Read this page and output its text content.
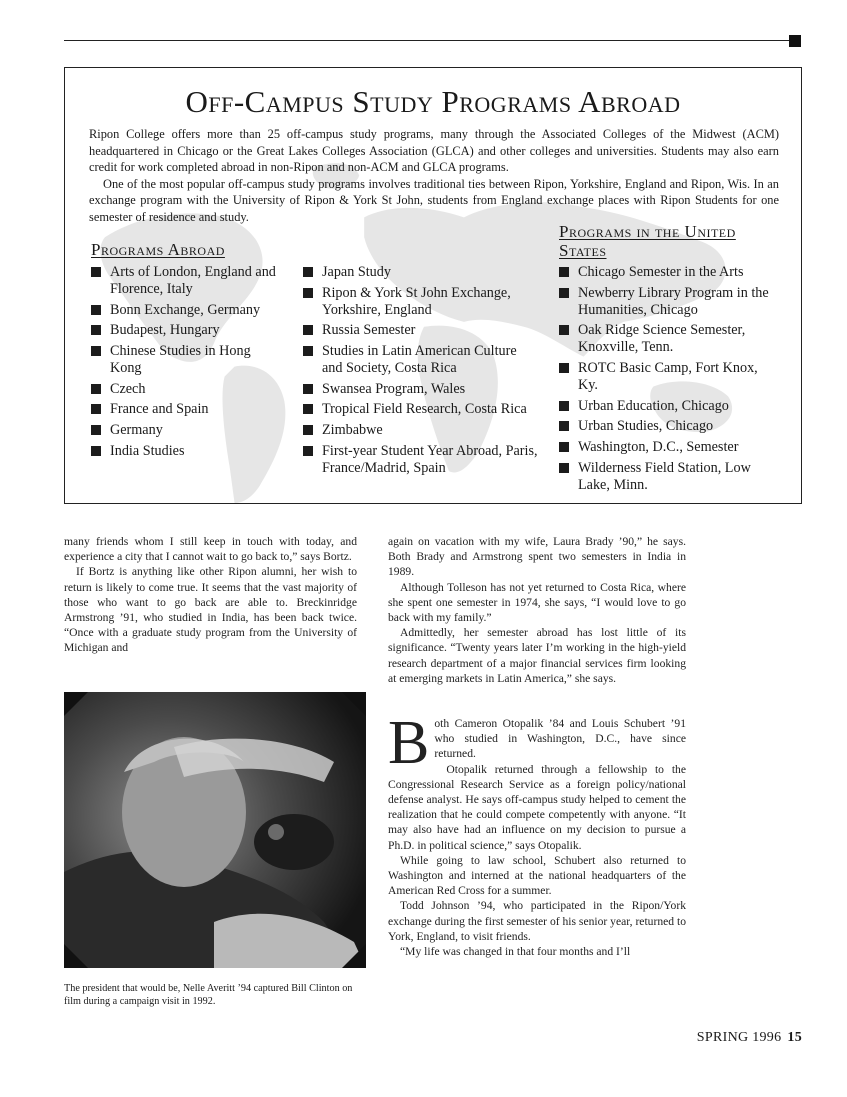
Off-Campus Study Programs Abroad

Ripon College offers more than 25 off-campus study programs, many through the Associated Colleges of the Midwest (ACM) headquartered in Chicago or the Great Lakes Colleges Association (GLCA) and other colleges and universities. Students may also earn credit for work completed abroad in non-Ripon and non-ACM and GLCA programs.

One of the most popular off-campus study programs involves traditional ties between Ripon, Yorkshire, England and Ripon, Wis. In an exchange program with the University of Ripon & York St John, students from England exchange places with Ripon Students for one semester of residence and study.

Programs Abroad
Programs in the United States
Arts of London, England and Florence, Italy
Bonn Exchange, Germany
Budapest, Hungary
Chinese Studies in Hong Kong
Czech
France and Spain
Germany
India Studies
Japan Study
Ripon & York St John Exchange, Yorkshire, England
Russia Semester
Studies in Latin American Culture and Society, Costa Rica
Swansea Program, Wales
Tropical Field Research, Costa Rica
Zimbabwe
First-year Student Year Abroad, Paris, France/Madrid, Spain
Chicago Semester in the Arts
Newberry Library Program in the Humanities, Chicago
Oak Ridge Science Semester, Knoxville, Tenn.
ROTC Basic Camp, Fort Knox, Ky.
Urban Education, Chicago
Urban Studies, Chicago
Washington, D.C., Semester
Wilderness Field Station, Low Lake, Minn.

many friends whom I still keep in touch with today, and experience a city that I cannot wait to go back to,” says Bortz.

If Bortz is anything like other Ripon alumni, her wish to return is likely to come true. It seems that the vast majority of those who want to go back are able to. Breckinridge Armstrong ’91, who studied in India, has been back twice. “Once with a graduate study program from the University of Michigan and

The president that would be, Nelle Averitt ’94 captured Bill Clinton on film during a campaign visit in 1992.

again on vacation with my wife, Laura Brady ’90,” he says. Both Brady and Armstrong spent two semesters in India in 1989.

Although Tolleson has not yet returned to Costa Rica, where she spent one semester in 1974, she says, “I would love to go back with my family.”

Admittedly, her semester abroad has lost little of its significance. “Twenty years later I’m working in the high-yield research department of a major financial services firm looking at emerging markets in Latin America,” she says.

Both Cameron Otopalik ’84 and Louis Schubert ’91 who studied in Washington, D.C., have since returned.

Otopalik returned through a fellowship to the Congressional Research Service as a foreign policy/national defense analyst. He says off-campus study helped to cement the realization that he could compete competently with anyone. “It may also have had an influence on my decision to pursue a Ph.D. in political science,” says Otopalik.

While going to law school, Schubert also returned to Washington and interned at the national headquarters of the American Red Cross for a summer.

Todd Johnson ’94, who participated in the Ripon/York exchange during the first semester of his senior year, returned to York, England, to visit friends.

“My life was changed in that four months and I’ll

SPRING 1996 15
